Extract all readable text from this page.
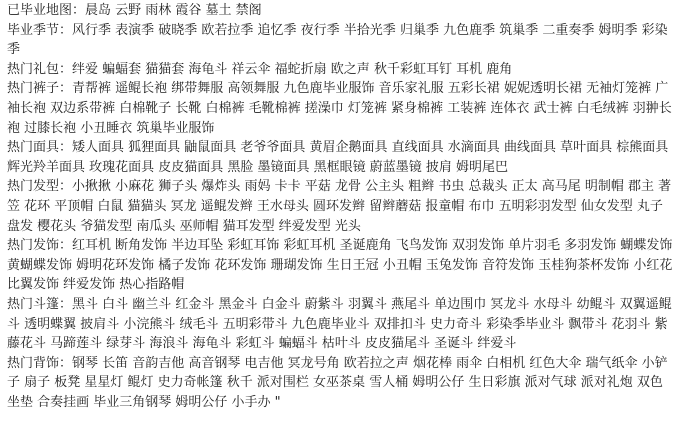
已毕业地图：晨岛 云野 雨林 霞谷 墓土 禁阁

毕业季节：风行季 表演季 破晓季 欧若拉季 追忆季 夜行季 半拾光季 归巢季 九色鹿季 筑巢季 二重奏季 姆明季 彩染季

热门礼包：绊爱 蝙蝠套 猫猫套 海龟斗 祥云伞 福蛇折扇 欧之声 秋千彩虹耳钉 耳机 鹿角

热门裤子：青帮裤 遥鲲长袍 绑带舞服 高领舞服 九色鹿毕业服饰 音乐家礼服 五彩长裙 妮妮透明长裙 无袖灯笼裤 广袖长袍 双边系带裤 白棉靴子 长靴 白棉裤 毛靴棉裤 搓澡巾 灯笼裤 紧身棉裤 工装裤 连体衣 武士裤 白毛绒裤 羽翀长袍 过膝长袍 小丑睡衣 筑巢毕业服饰

热门面具：矮人面具 狐狸面具 鼬鼠面具 老爷爷面具 黄眉企鹅面具 直线面具 水滴面具 曲线面具 草叶面具 棕熊面具 辉光羚羊面具 玫瑰花面具 皮皮猫面具 黑脸 墨镜面具 黑框眼镜 蔚蓝墨镜 披肩 姆明尾巴

热门发型：小揪揪 小麻花 狮子头 爆炸头 雨妈 卡卡 平菇 龙骨 公主头 粗辫 书虫 总裁头 正太 高马尾 明制帽 郡主 著笠 花环 平顶帽 白鼠 猫猫头 冥龙 遥鲲发辫 王水母头 圆环发辫 留辫蘑菇 报童帽 布巾 五明彩羽发型 仙女发型 丸子盘发 樱花头 爷猫发型 南瓜头 巫师帽 猫耳发型 绊爱发型 光头

热门发饰：红耳机 断角发饰 半边耳坠 彩虹耳饰 彩虹耳机 圣诞鹿角 飞鸟发饰 双羽发饰 单片羽毛 多羽发饰 蝴蝶发饰 黄蝴蝶发饰 姆明花环发饰 橘子发饰 花环发饰 珊瑚发饰 生日王冠 小丑帽 玉兔发饰 音符发饰 玉桂狗茶杯发饰 小红花 比翼发饰 绊爱发饰 热心指路帽

热门斗篷：黑斗 白斗 幽兰斗 红金斗 黑金斗 白金斗 蔚紫斗 羽翼斗 燕尾斗 单边围巾 冥龙斗 水母斗 幼鲲斗 双翼遥鲲斗 透明蝶翼 披肩斗 小浣熊斗 绒毛斗 五明彩带斗 九色鹿毕业斗 双排扣斗 史力奇斗 彩染季毕业斗 飘带斗 花羽斗 紫藤花斗 马蹄莲斗 绿芽斗 海浪斗 海龟斗 彩虹斗 蝙蝠斗 枯叶斗 皮皮猫尾斗 圣诞斗 绊爱斗

热门背饰：钢琴 长笛 音韵吉他 高音钢琴 电吉他 冥龙号角 欧若拉之声 烟花棒 雨伞 白相机 红色大伞 瑞气纸伞 小铲子 扇子 板凳 星星灯 鲲灯 史力奇帐篷 秋千 派对围栏 女巫茶桌 雪人桶 姆明公仔 生日彩旗 派对气球 派对礼炮 双色坐垫 合奏挂画 毕业三角钢琴 姆明公仔 小手办 "
